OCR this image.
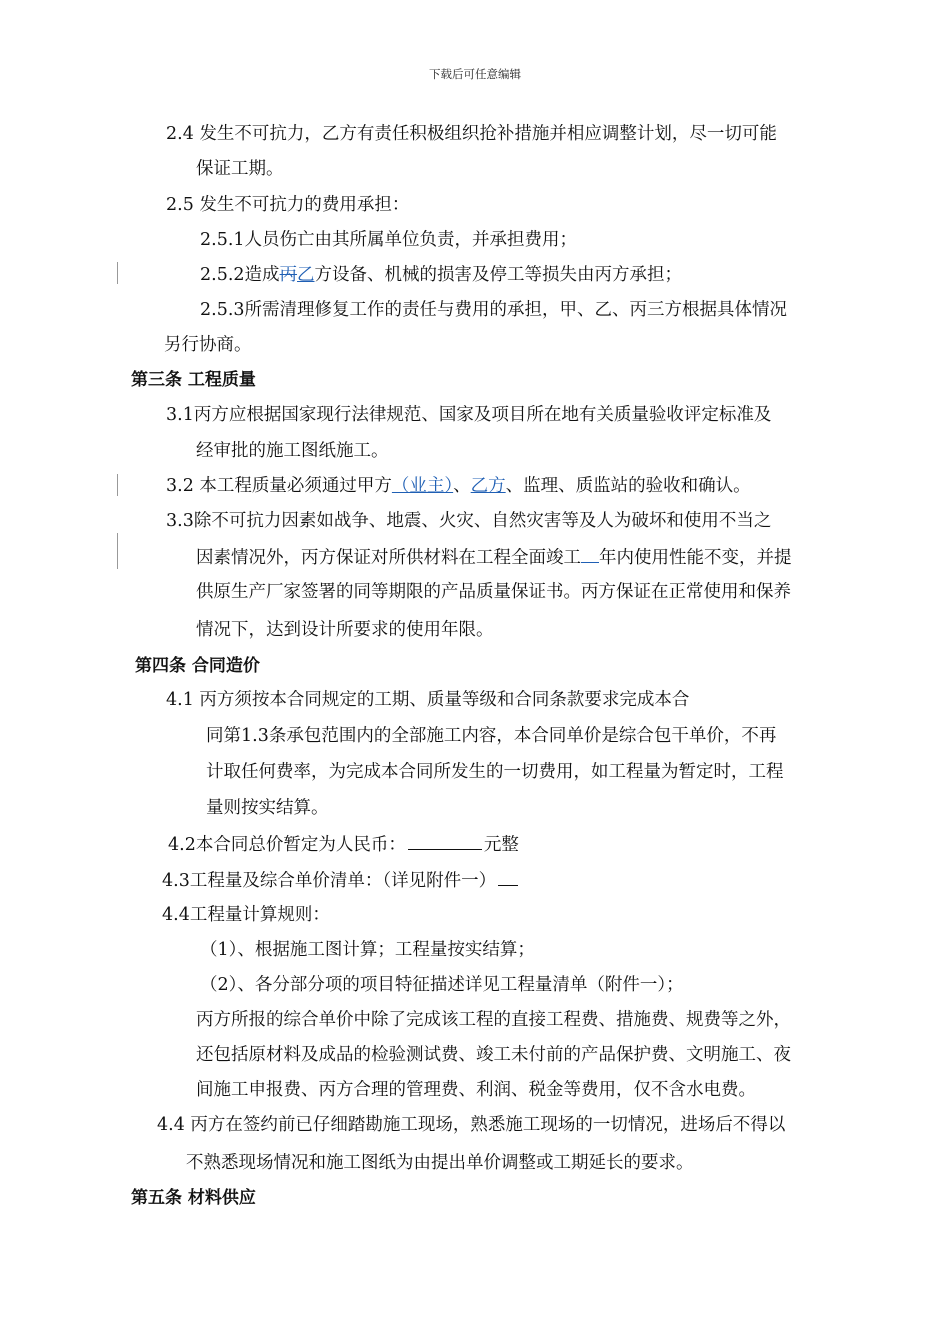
下载后可任意编辑
2.4 发生不可抗力，乙方有责任积极组织抢补措施并相应调整计划，尽一切可能
保证工期。
2.5 发生不可抗力的费用承担：
2.5.1人员伤亡由其所属单位负责，并承担费用；
2.5.2造成丙乙方设备、机械的损害及停工等损失由丙方承担；
2.5.3所需清理修复工作的责任与费用的承担，甲、乙、丙三方根据具体情况
另行协商。
第三条 工程质量
3.1丙方应根据国家现行法律规范、国家及项目所在地有关质量验收评定标准及
经审批的施工图纸施工。
3.2 本工程质量必须通过甲方（业主）、乙方、监理、质监站的验收和确认。
3.3除不可抗力因素如战争、地震、火灾、自然灾害等及人为破坏和使用不当之
因素情况外，丙方保证对所供材料在工程全面竣工 年内使用性能不变，并提
供原生产厂家签署的同等期限的产品质量保证书。丙方保证在正常使用和保养
情况下，达到设计所要求的使用年限。
第四条 合同造价
4.1 丙方须按本合同规定的工期、质量等级和合同条款要求完成本合
同第1.3条承包范围内的全部施工内容，本合同单价是综合包干单价，不再
计取任何费率，为完成本合同所发生的一切费用，如工程量为暂定时，工程
量则按实结算。
4.2本合同总价暂定为人民币：	元整
4.3工程量及综合单价清单：（详见附件一）
4.4工程量计算规则：
（1）、根据施工图计算；工程量按实结算；
（2）、各分部分项的项目特征描述详见工程量清单（附件一）；
丙方所报的综合单价中除了完成该工程的直接工程费、措施费、规费等之外，
还包括原材料及成品的检验测试费、竣工未付前的产品保护费、文明施工、夜
间施工申报费、丙方合理的管理费、利润、税金等费用，仅不含水电费。
4.4 丙方在签约前已仔细踏勘施工现场，熟悉施工现场的一切情况，进场后不得以
不熟悉现场情况和施工图纸为由提出单价调整或工期延长的要求。
第五条 材料供应
